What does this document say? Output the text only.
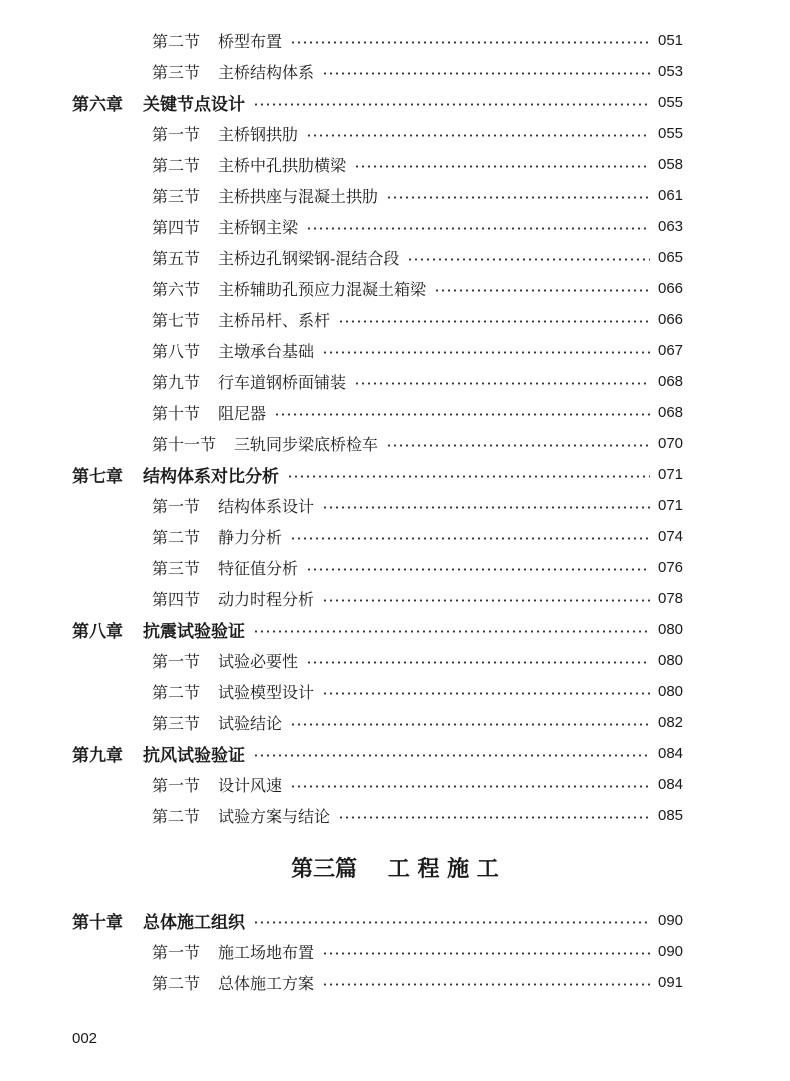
第二节 桥型布置	051
第三节 主桥结构体系	053
第六章 关键节点设计	055
第一节 主桥钢拱肋	055
第二节 主桥中孔拱肋横梁	058
第三节 主桥拱座与混凝土拱肋	061
第四节 主桥钢主梁	063
第五节 主桥边孔钢梁钢-混结合段	065
第六节 主桥辅助孔预应力混凝土箱梁	066
第七节 主桥吊杆、系杆	066
第八节 主墩承台基础	067
第九节 行车道钢桥面铺装	068
第十节 阻尼器	068
第十一节 三轨同步梁底桥检车	070
第七章 结构体系对比分析	071
第一节 结构体系设计	071
第二节 静力分析	074
第三节 特征值分析	076
第四节 动力时程分析	078
第八章 抗震试验验证	080
第一节 试验必要性	080
第二节 试验模型设计	080
第三节 试验结论	082
第九章 抗风试验验证	084
第一节 设计风速	084
第二节 试验方案与结论	085
第三篇 工 程 施 工
第十章 总体施工组织	090
第一节 施工场地布置	090
第二节 总体施工方案	091
002
